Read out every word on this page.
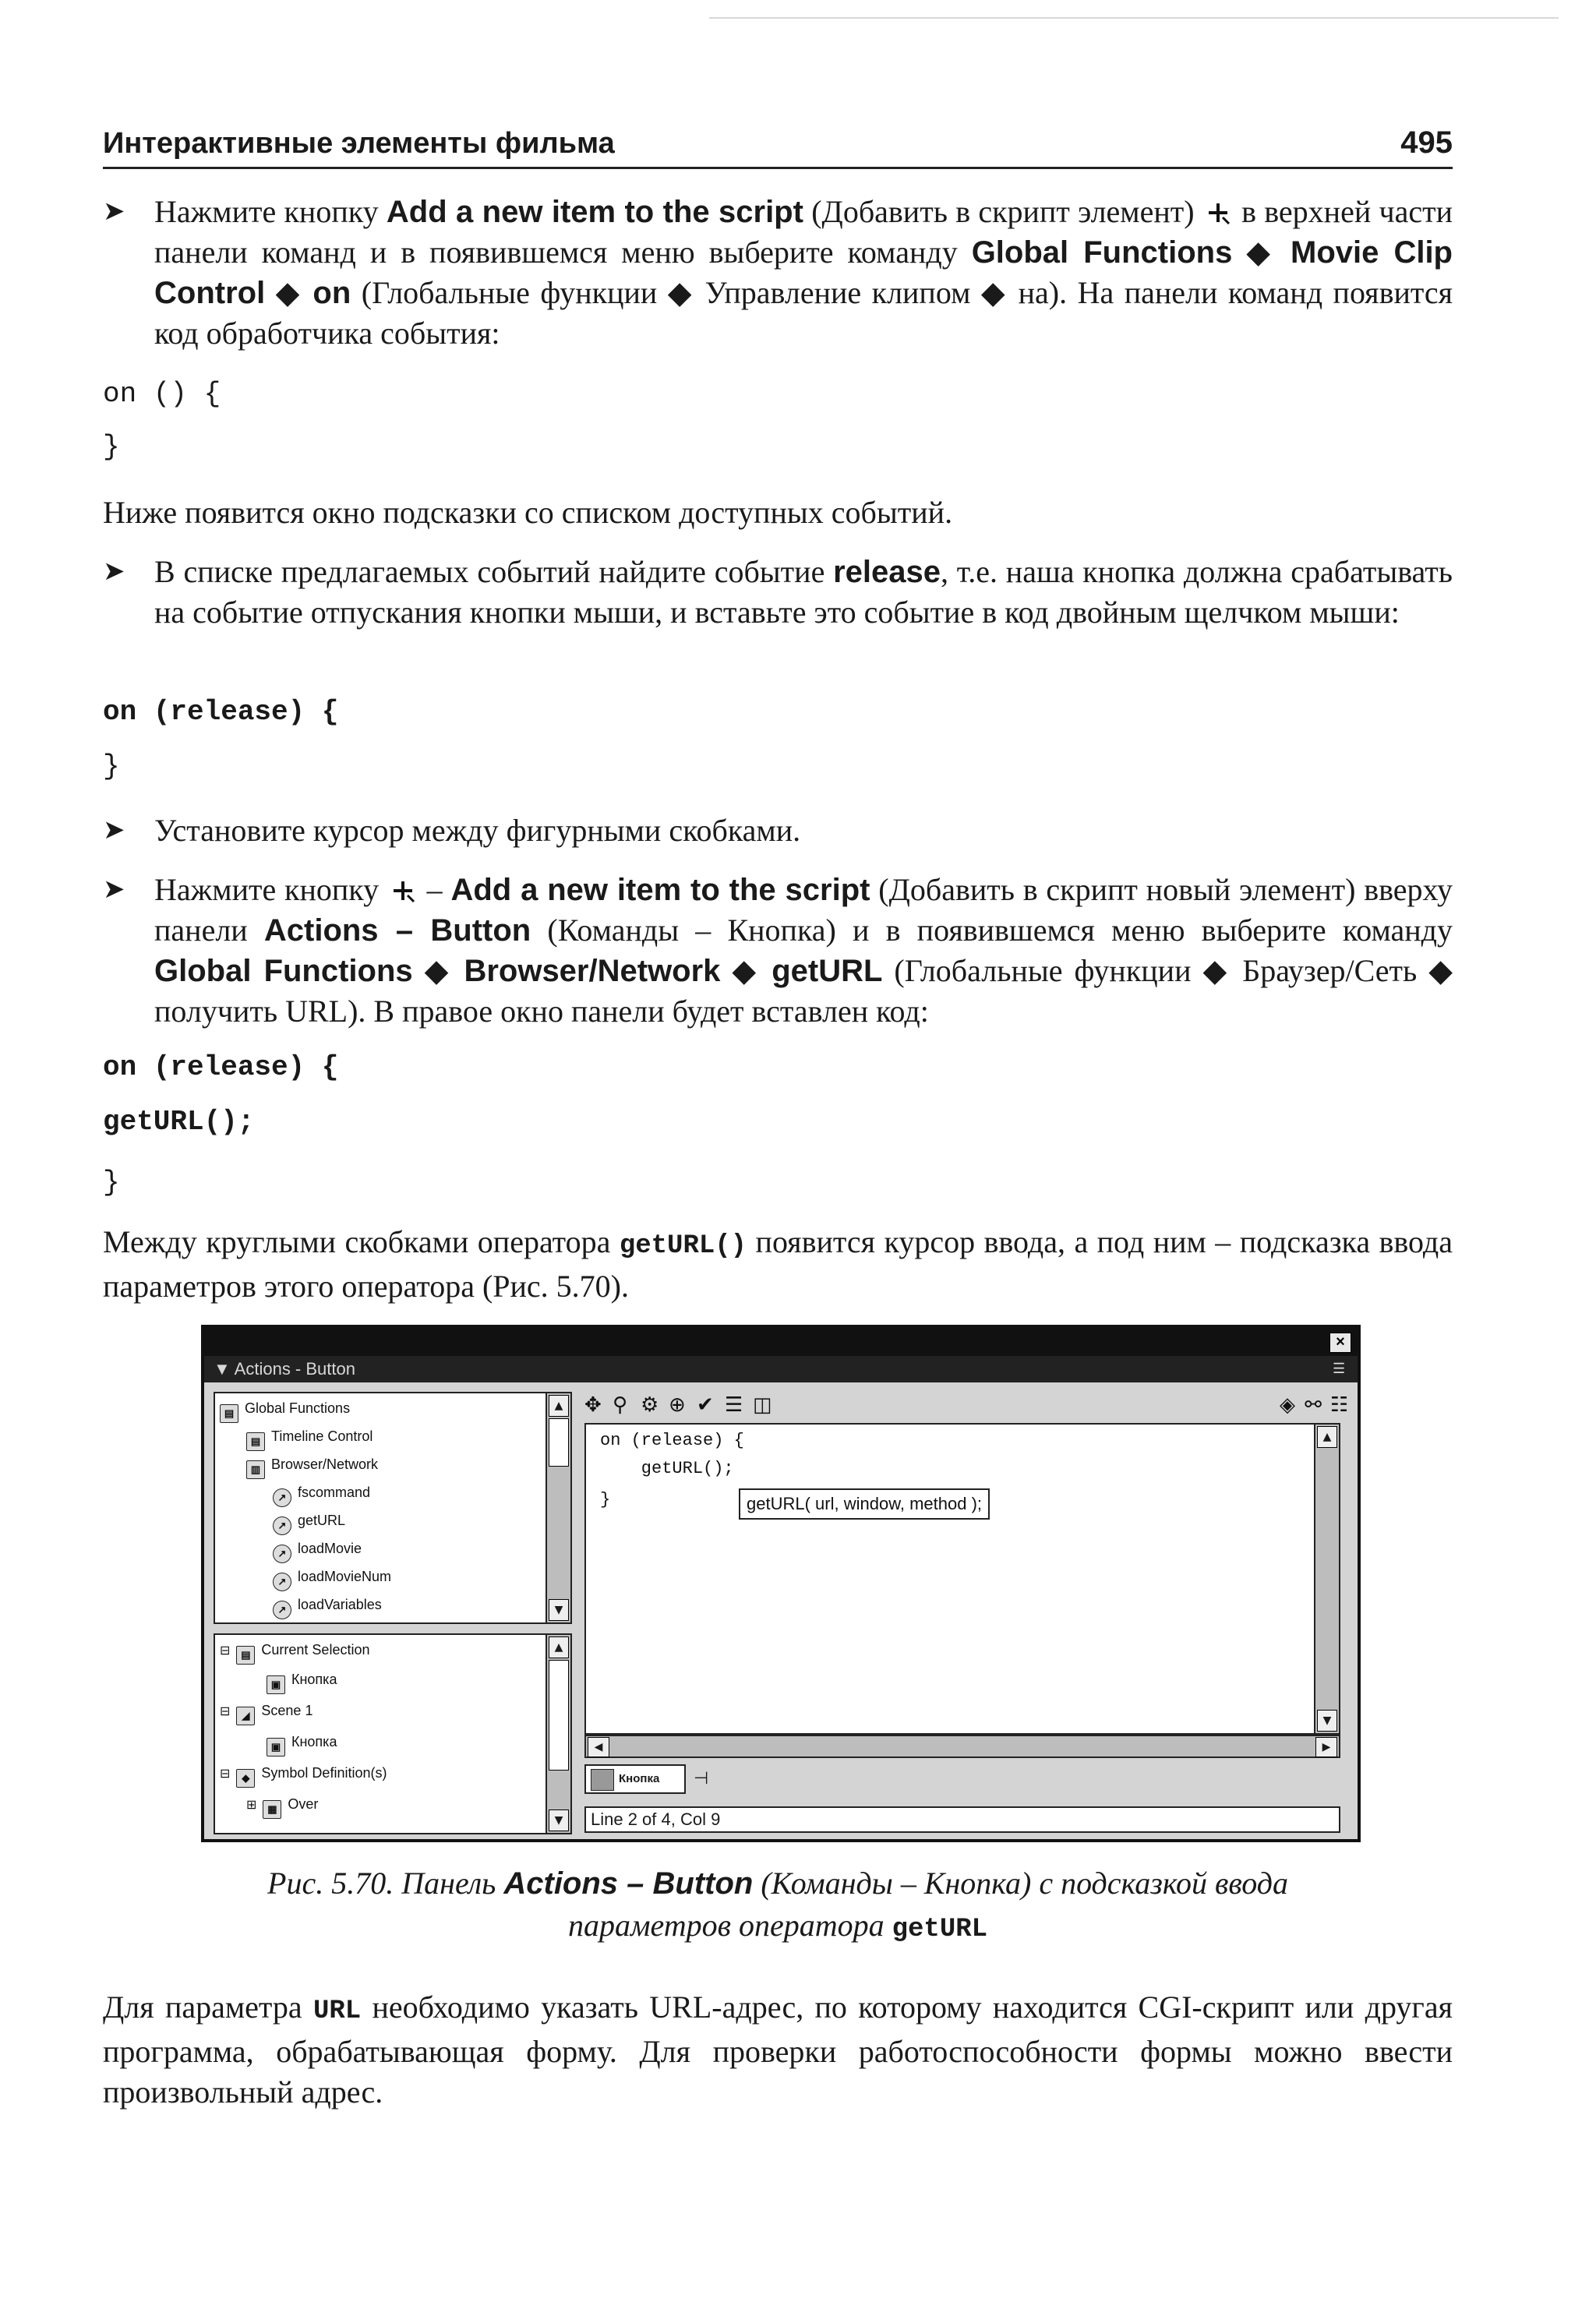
Интерактивные элементы фильма	495
➤ Нажмите кнопку Add a new item to the script (Добавить в скрипт элемент)  в верхней части панели команд и в появившемся меню выберите команду Global Functions ◆ Movie Clip Control ◆ on (Глобальные функции ◆ Управление клипом ◆ на). На панели команд появится код обработчика события:
on () {
}
Ниже появится окно подсказки со списком доступных событий.
➤ В списке предлагаемых событий найдите событие release, т.е. наша кнопка должна срабатывать на событие отпускания кнопки мыши, и вставьте это событие в код двойным щелчком мыши:
on (release) {
}
➤ Установите курсор между фигурными скобками.
➤ Нажмите кнопку  – Add a new item to the script (Добавить в скрипт новый элемент) вверху панели Actions – Button (Команды – Кнопка) и в появившемся меню выберите команду Global Functions ◆ Browser/Network ◆ getURL (Глобальные функции ◆ Браузер/Сеть ◆ получить URL). В правое окно панели будет вставлен код:
on (release) {
getURL();
}
Между круглыми скобками оператора getURL() появится курсор ввода, а под ним – подсказка ввода параметров этого оператора (Рис. 5.70).
×
▼ Actions - Button	☰
▤ Global Functions
▤ Timeline Control
▥ Browser/Network
↗ fscommand
↗ getURL
↗ loadMovie
↗ loadMovieNum
↗ loadVariables
▲
▼
⊟ ▤ Current Selection
▣ Кнопка
⊟ ◢ Scene 1
▣ Кнопка
⊟ ◆ Symbol Definition(s)
⊞ ▦ Over
▲
▼
✥ ⚲ ⚙ ⊕ ✔ ☰ ◫	◈ ⚯ ☷
on (release) {
getURL();
}	getURL( url, window, method );
▲
▼
◀	▶
Кнопка	⊣
Line 2 of 4, Col 9
Рис. 5.70. Панель Actions – Button (Команды – Кнопка) с подсказкой ввода
параметров оператора getURL
Для параметра URL необходимо указать URL-адрес, по которому находится CGI-скрипт или другая программа, обрабатывающая форму. Для проверки работоспособности формы можно ввести произвольный адрес.
